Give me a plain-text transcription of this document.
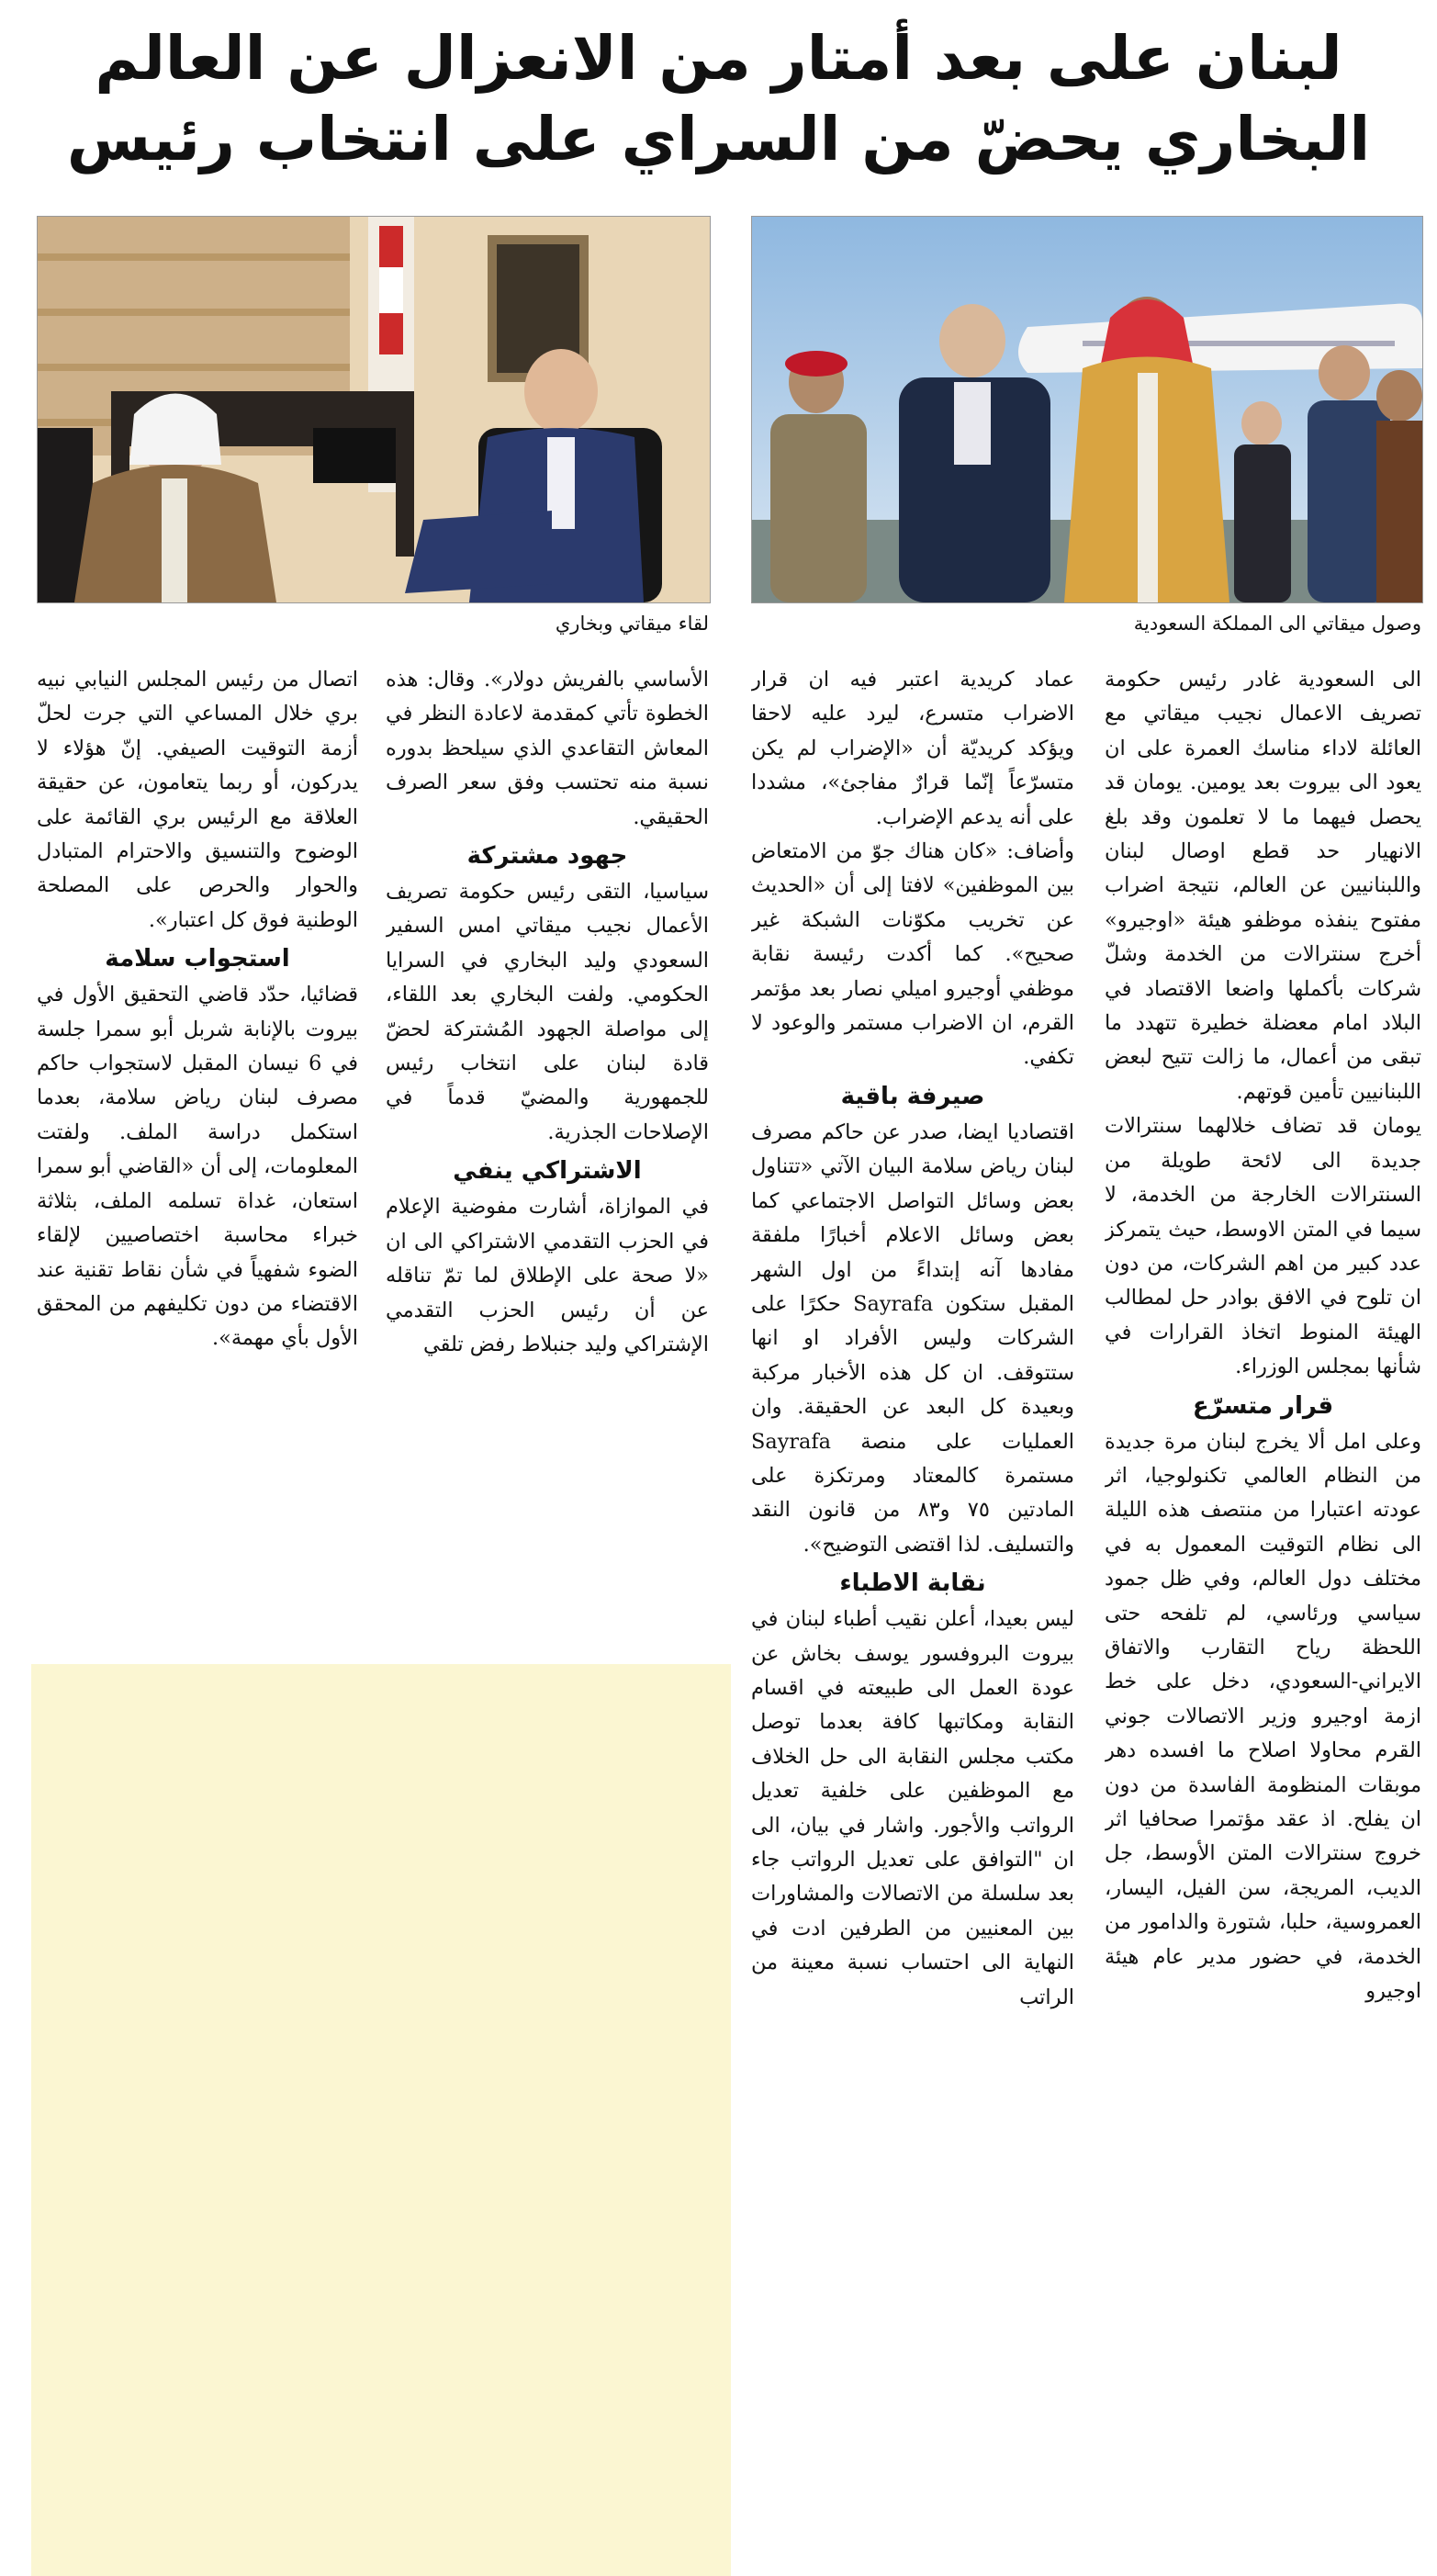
لبنان على بعد أمتار من الانعزال عن العالم
البخاري يحضّ من السراي على انتخاب رئيس
وصول ميقاتي الى المملكة السعودية
لقاء ميقاتي وبخاري

الى السعودية غادر رئيس حكومة تصريف الاعمال نجيب ميقاتي مع العائلة لاداء مناسك العمرة على ان يعود الى بيروت بعد يومين. يومان قد يحصل فيهما ما لا تعلمون وقد بلغ الانهيار حد قطع اوصال لبنان واللبنانيين عن العالم، نتيجة اضراب مفتوح ينفذه موظفو هيئة «اوجيرو» أخرج سنترالات من الخدمة وشلّ شركات بأكملها واضعا الاقتصاد في البلاد امام معضلة خطيرة تتهدد ما تبقى من أعمال، ما زالت تتيح لبعض اللبنانيين تأمين قوتهم.

يومان قد تضاف خلالهما سنترالات جديدة الى لائحة طويلة من السنترالات الخارجة من الخدمة، لا سيما في المتن الاوسط، حيث يتمركز عدد كبير من اهم الشركات، من دون ان تلوح في الافق بوادر حل لمطالب الهيئة المنوط اتخاذ القرارات في شأنها بمجلس الوزراء.

قرار متسرّع

وعلى امل ألا يخرج لبنان مرة جديدة من النظام العالمي تكنولوجيا، اثر عودته اعتبارا من منتصف هذه الليلة الى نظام التوقيت المعمول به في مختلف دول العالم، وفي ظل جمود سياسي ورئاسي، لم تلفحه حتى اللحظة رياح التقارب والاتفاق الايراني-السعودي، دخل على خط ازمة اوجيرو وزير الاتصالات جوني القرم محاولا اصلاح ما افسده دهر موبقات المنظومة الفاسدة من دون ان يفلح. اذ عقد مؤتمرا صحافيا اثر خروج سنترالات المتن الأوسط، جل الديب، المريجة، سن الفيل، اليسار، العمروسية، حلبا، شتورة والدامور من الخدمة، في حضور مدير عام هيئة اوجيرو

عماد كريدية اعتبر فيه ان قرار الاضراب متسرع، ليرد عليه لاحقا ويؤكد كريديّة أن «الإضراب لم يكن متسرّعاً إنّما قرارٌ مفاجئ»، مشددا على أنه يدعم الإضراب.

وأضاف: «كان هناك جوّ من الامتعاض بين الموظفين» لافتا إلى أن «الحديث عن تخريب مكوّنات الشبكة غير صحيح». كما أكدت رئيسة نقابة موظفي أوجيرو اميلي نصار بعد مؤتمر القرم، ان الاضراب مستمر والوعود لا تكفي.

صيرفة باقية

اقتصاديا ايضا، صدر عن حاكم مصرف لبنان رياض سلامة البيان الآتي «تتناول بعض وسائل التواصل الاجتماعي كما بعض وسائل الاعلام أخبارًا ملفقة مفادها آنه إبتداءً من اول الشهر المقبل ستكون Sayrafa حكرًا على الشركات وليس الأفراد او انها ستتوقف. ان كل هذه الأخبار مركبة وبعيدة كل البعد عن الحقيقة. وان العمليات على منصة Sayrafa مستمرة كالمعتاد ومرتكزة على المادتين ٧٥ و٨٣ من قانون النقد والتسليف. لذا اقتضى التوضيح».

نقابة الاطباء

ليس بعيدا، أعلن نقيب أطباء لبنان في بيروت البروفسور يوسف بخاش عن عودة العمل الى طبيعته في اقسام النقابة ومكاتبها كافة بعدما توصل مكتب مجلس النقابة الى حل الخلاف مع الموظفين على خلفية تعديل الرواتب والأجور. واشار في بيان، الى ان "التوافق على تعديل الرواتب جاء بعد سلسلة من الاتصالات والمشاورات بين المعنيين من الطرفين ادت في النهاية الى احتساب نسبة معينة من الراتب

الأساسي بالفريش دولار». وقال: هذه الخطوة تأتي كمقدمة لاعادة النظر في المعاش التقاعدي الذي سيلحظ بدوره نسبة منه تحتسب وفق سعر الصرف الحقيقي.

جهود مشتركة

سياسيا، التقى رئيس حكومة تصريف الأعمال نجيب ميقاتي امس السفير السعودي وليد البخاري في السرايا الحكومي. ولفت البخاري بعد اللقاء، إلى مواصلة الجهود المُشتركة لحضّ قادة لبنان على انتخاب رئيس للجمهورية والمضيّ قدماً في الإصلاحات الجذرية.

الاشتراكي ينفي

في الموازاة، أشارت مفوضية الإعلام في الحزب التقدمي الاشتراكي الى ان «لا صحة على الإطلاق لما تمّ تناقله عن أن رئيس الحزب التقدمي الإشتراكي وليد جنبلاط رفض تلقي

اتصال من رئيس المجلس النيابي نبيه بري خلال المساعي التي جرت لحلّ أزمة التوقيت الصيفي. إنّ هؤلاء لا يدركون، أو ربما يتعامون، عن حقيقة العلاقة مع الرئيس بري القائمة على الوضوح والتنسيق والاحترام المتبادل والحوار والحرص على المصلحة الوطنية فوق كل اعتبار».

استجواب سلامة

قضائيا، حدّد قاضي التحقيق الأول في بيروت بالإنابة شربل أبو سمرا جلسة في 6 نيسان المقبل لاستجواب حاكم مصرف لبنان رياض سلامة، بعدما استكمل دراسة الملف. ولفتت المعلومات، إلى أن «القاضي أبو سمرا استعان، غداة تسلمه الملف، بثلاثة خبراء محاسبة اختصاصيين لإلقاء الضوء شفهياً في شأن نقاط تقنية عند الاقتضاء من دون تكليفهم من المحقق الأول بأي مهمة».
